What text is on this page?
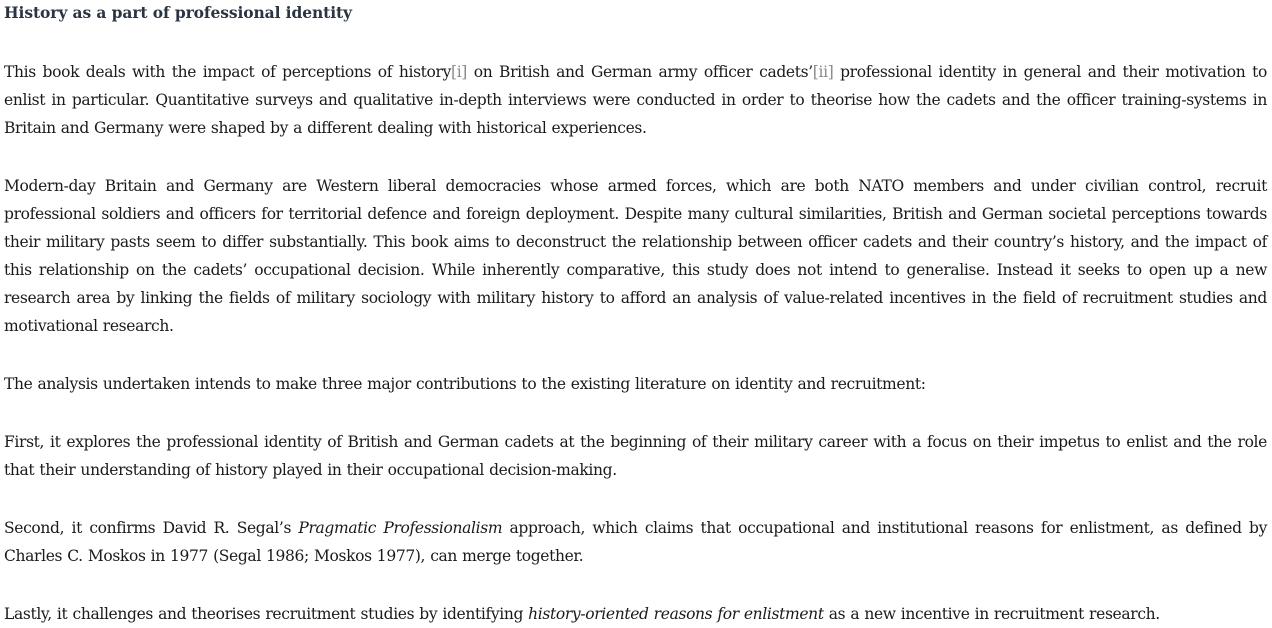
History as a part of professional identity

This book deals with the impact of perceptions of history[i] on British and German army officer cadets’[ii] professional identity in general and their motivation to enlist in particular. Quantitative surveys and qualitative in-depth interviews were conducted in order to theorise how the cadets and the officer training-systems in Britain and Germany were shaped by a different dealing with historical experiences.

Modern-day Britain and Germany are Western liberal democracies whose armed forces, which are both NATO members and under civilian control, recruit professional soldiers and officers for territorial defence and foreign deployment. Despite many cultural similarities, British and German societal perceptions towards their military pasts seem to differ substantially. This book aims to deconstruct the relationship between officer cadets and their country’s history, and the impact of this relationship on the cadets’ occupational decision. While inherently comparative, this study does not intend to generalise. Instead it seeks to open up a new research area by linking the fields of military sociology with military history to afford an analysis of value-related incentives in the field of recruitment studies and motivational research.

The analysis undertaken intends to make three major contributions to the existing literature on identity and recruitment:

First, it explores the professional identity of British and German cadets at the beginning of their military career with a focus on their impetus to enlist and the role that their understanding of history played in their occupational decision-making.

Second, it confirms David R. Segal’s Pragmatic Professionalism approach, which claims that occupational and institutional reasons for enlistment, as defined by Charles C. Moskos in 1977 (Segal 1986; Moskos 1977), can merge together.

Lastly, it challenges and theorises recruitment studies by identifying history-oriented reasons for enlistment as a new incentive in recruitment research.
